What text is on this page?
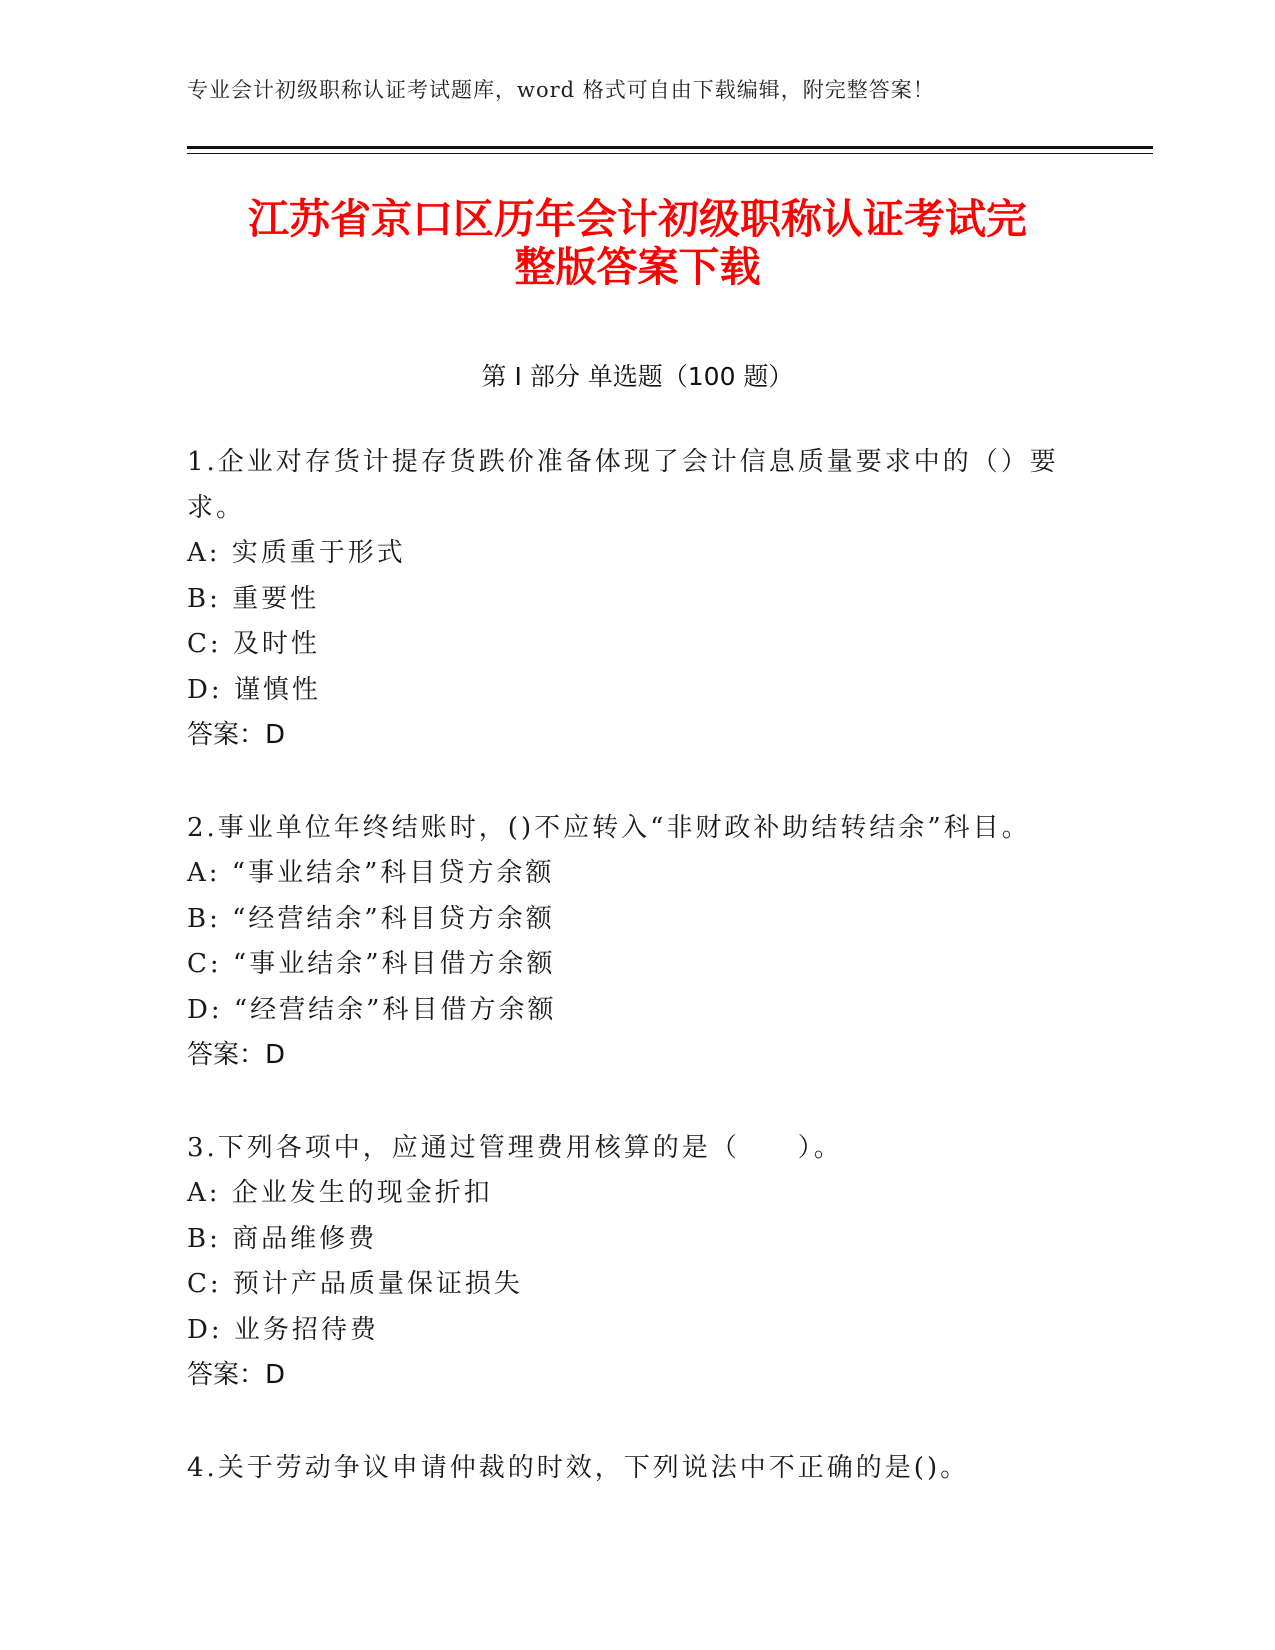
专业会计初级职称认证考试题库，word 格式可自由下载编辑，附完整答案！
江苏省京口区历年会计初级职称认证考试完
整版答案下载
第 I 部分 单选题（100 题）
1.企业对存货计提存货跌价准备体现了会计信息质量要求中的（）要求。
A: 实质重于形式
B: 重要性
C: 及时性
D: 谨慎性
答案：D
2.事业单位年终结账时，()不应转入“非财政补助结转结余”科目。
A: “事业结余”科目贷方余额
B: “经营结余”科目贷方余额
C: “事业结余”科目借方余额
D: “经营结余”科目借方余额
答案：D
3.下列各项中，应通过管理费用核算的是（　　）。
A: 企业发生的现金折扣
B: 商品维修费
C: 预计产品质量保证损失
D: 业务招待费
答案：D
4.关于劳动争议申请仲裁的时效，下列说法中不正确的是()。
